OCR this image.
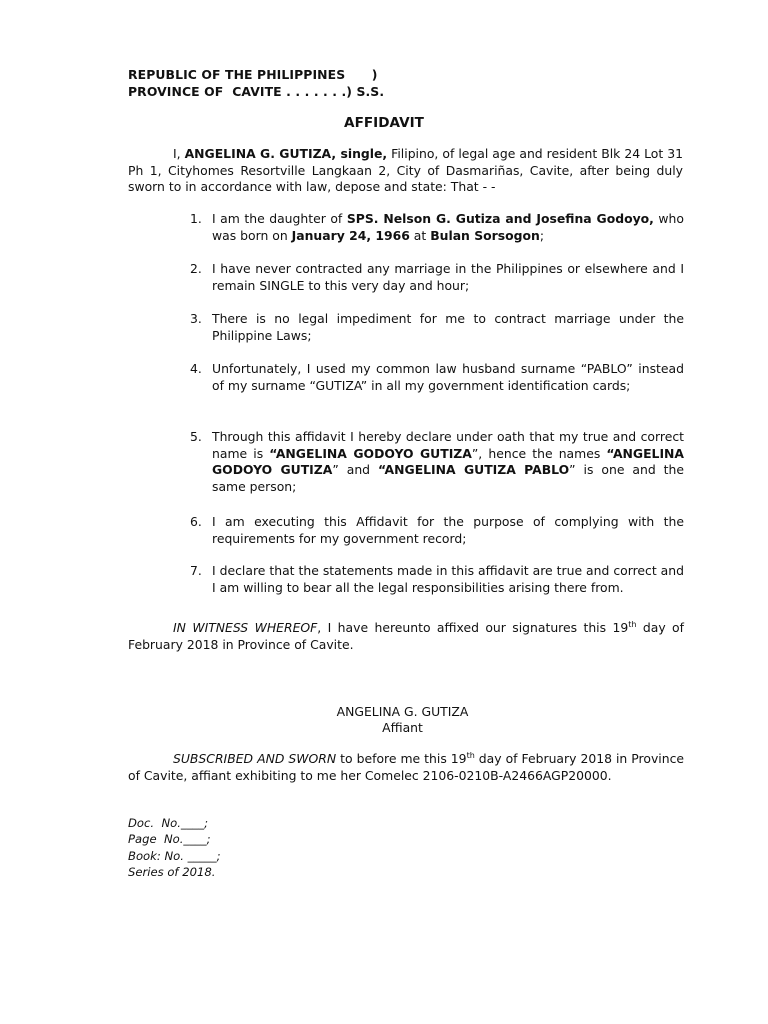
REPUBLIC OF THE PHILIPPINES      )
PROVINCE OF  CAVITE . . . . . . .) S.S.
AFFIDAVIT
I, ANGELINA G. GUTIZA, single, Filipino, of legal age and resident Blk 24 Lot 31 Ph 1, Cityhomes Resortville Langkaan 2, City of Dasmariñas, Cavite, after being duly sworn to in accordance with law, depose and state: That - -
1. I am the daughter of SPS. Nelson G. Gutiza and Josefina Godoyo, who was born on January 24, 1966 at Bulan Sorsogon;
2. I have never contracted any marriage in the Philippines or elsewhere and I remain SINGLE to this very day and hour;
3. There is no legal impediment for me to contract marriage under the Philippine Laws;
4. Unfortunately, I used my common law husband surname “PABLO” instead of my surname “GUTIZA” in all my government identification cards;
5. Through this affidavit I hereby declare under oath that my true and correct name is “ANGELINA GODOYO GUTIZA”, hence the names “ANGELINA GODOYO GUTIZA” and “ANGELINA GUTIZA PABLO” is one and the same person;
6. I am executing this Affidavit for the purpose of complying with the requirements for my government record;
7. I declare that the statements made in this affidavit are true and correct and I am willing to bear all the legal responsibilities arising there from.
IN WITNESS WHEREOF, I have hereunto affixed our signatures this 19th day of February 2018 in Province of Cavite.
ANGELINA G. GUTIZA
Affiant
SUBSCRIBED AND SWORN to before me this 19th day of February 2018 in Province of Cavite, affiant exhibiting to me her Comelec 2106-0210B-A2466AGP20000.
Doc.  No.____;
Page  No.____;
Book: No. _____;
Series of 2018.
